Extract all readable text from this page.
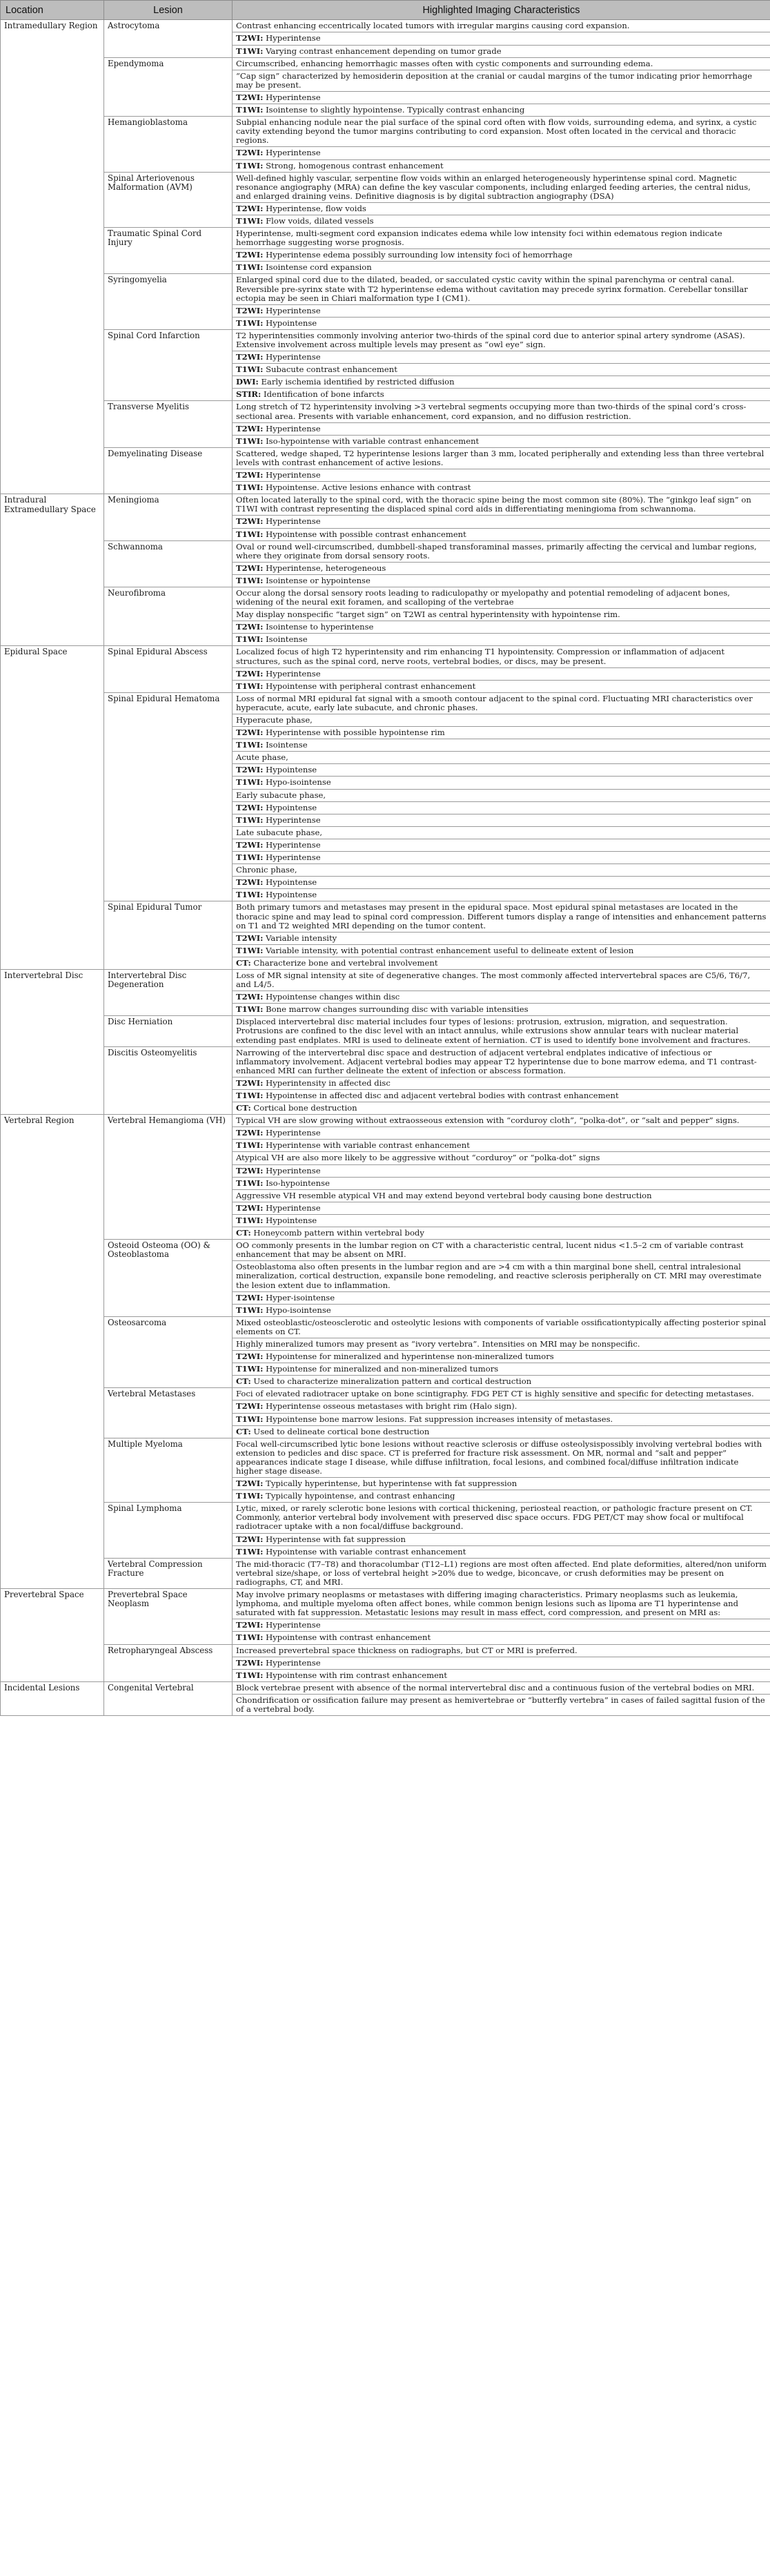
Location	Lesion	Highlighted Imaging Characteristics
Intramedullary Region	Astrocytoma	Contrast enhancing eccentrically located tumors with irregular margins causing cord expansion.
		T2WI: Hyperintense
		T1WI: Varying contrast enhancement depending on tumor grade
	Ependymoma	Circumscribed, enhancing hemorrhagic masses often with cystic components and surrounding edema.
		“Cap sign” characterized by hemosiderin deposition at the cranial or caudal margins of the tumor indicating prior hemorrhage may be present.
		T2WI: Hyperintense
		T1WI: Isointense to slightly hypointense. Typically contrast enhancing
	Hemangioblastoma	Subpial enhancing nodule near the pial surface of the spinal cord often with flow voids, surrounding edema, and syrinx, a cystic cavity extending beyond the tumor margins contributing to cord expansion. Most often located in the cervical and thoracic regions.
		T2WI: Hyperintense
		T1WI: Strong, homogenous contrast enhancement
	Spinal Arteriovenous Malformation (AVM)	Well-defined highly vascular, serpentine flow voids within an enlarged heterogeneously hyperintense spinal cord. Magnetic resonance angiography (MRA) can define the key vascular components, including enlarged feeding arteries, the central nidus, and enlarged draining veins. Definitive diagnosis is by digital subtraction angiography (DSA)
		T2WI: Hyperintense, flow voids
		T1WI: Flow voids, dilated vessels
	Traumatic Spinal Cord Injury	Hyperintense, multi-segment cord expansion indicates edema while low intensity foci within edematous region indicate hemorrhage suggesting worse prognosis.
		T2WI: Hyperintense edema possibly surrounding low intensity foci of hemorrhage
		T1WI: Isointense cord expansion
	Syringomyelia	Enlarged spinal cord due to the dilated, beaded, or sacculated cystic cavity within the spinal parenchyma or central canal. Reversible pre-syrinx state with T2 hyperintense edema without cavitation may precede syrinx formation. Cerebellar tonsillar ectopia may be seen in Chiari malformation type I (CM1).
		T2WI: Hyperintense
		T1WI: Hypointense
	Spinal Cord Infarction	T2 hyperintensities commonly involving anterior two-thirds of the spinal cord due to anterior spinal artery syndrome (ASAS). Extensive involvement across multiple levels may present as “owl eye” sign.
		T2WI: Hyperintense
		T1WI: Subacute contrast enhancement
		DWI: Early ischemia identified by restricted diffusion
		STIR: Identification of bone infarcts
	Transverse Myelitis	Long stretch of T2 hyperintensity involving >3 vertebral segments occupying more than two-thirds of the spinal cord’s cross-sectional area. Presents with variable enhancement, cord expansion, and no diffusion restriction.
		T2WI: Hyperintense
		T1WI: Iso-hypointense with variable contrast enhancement
	Demyelinating Disease	Scattered, wedge shaped, T2 hyperintense lesions larger than 3 mm, located peripherally and extending less than three vertebral levels with contrast enhancement of active lesions.
		T2WI: Hyperintense
		T1WI: Hypointense. Active lesions enhance with contrast
Intradural Extramedullary Space	Meningioma	Often located laterally to the spinal cord, with the thoracic spine being the most common site (80%). The “ginkgo leaf sign” on T1WI with contrast representing the displaced spinal cord aids in differentiating meningioma from schwannoma.
		T2WI: Hyperintense
		T1WI: Hypointense with possible contrast enhancement
	Schwannoma	Oval or round well-circumscribed, dumbbell-shaped transforaminal masses, primarily affecting the cervical and lumbar regions, where they originate from dorsal sensory roots.
		T2WI: Hyperintense, heterogeneous
		T1WI: Isointense or hypointense
	Neurofibroma	Occur along the dorsal sensory roots leading to radiculopathy or myelopathy and potential remodeling of adjacent bones, widening of the neural exit foramen, and scalloping of the vertebrae
		May display nonspecific “target sign” on T2WI as central hyperintensity with hypointense rim.
		T2WI: Isointense to hyperintense
		T1WI: Isointense
Epidural Space	Spinal Epidural Abscess	Localized focus of high T2 hyperintensity and rim enhancing T1 hypointensity. Compression or inflammation of adjacent structures, such as the spinal cord, nerve roots, vertebral bodies, or discs, may be present.
		T2WI: Hyperintense
		T1WI: Hypointense with peripheral contrast enhancement
	Spinal Epidural Hematoma	Loss of normal MRI epidural fat signal with a smooth contour adjacent to the spinal cord. Fluctuating MRI characteristics over hyperacute, acute, early late subacute, and chronic phases.
		Hyperacute phase,
		T2WI: Hyperintense with possible hypointense rim
		T1WI: Isointense
		Acute phase,
		T2WI: Hypointense
		T1WI: Hypo-isointense
		Early subacute phase,
		T2WI: Hypointense
		T1WI: Hyperintense
		Late subacute phase,
		T2WI: Hyperintense
		T1WI: Hyperintense
		Chronic phase,
		T2WI: Hypointense
		T1WI: Hypointense
	Spinal Epidural Tumor	Both primary tumors and metastases may present in the epidural space. Most epidural spinal metastases are located in the thoracic spine and may lead to spinal cord compression. Different tumors display a range of intensities and enhancement patterns on T1 and T2 weighted MRI depending on the tumor content.
		T2WI: Variable intensity
		T1WI: Variable intensity, with potential contrast enhancement useful to delineate extent of lesion
		CT: Characterize bone and vertebral involvement
Intervertebral Disc	Intervertebral Disc Degeneration	Loss of MR signal intensity at site of degenerative changes. The most commonly affected intervertebral spaces are C5/6, T6/7, and L4/5.
		T2WI: Hypointense changes within disc
		T1WI: Bone marrow changes surrounding disc with variable intensities
	Disc Herniation	Displaced intervertebral disc material includes four types of lesions: protrusion, extrusion, migration, and sequestration. Protrusions are confined to the disc level with an intact annulus, while extrusions show annular tears with nuclear material extending past endplates. MRI is used to delineate extent of herniation. CT is used to identify bone involvement and fractures.
	Discitis Osteomyelitis	Narrowing of the intervertebral disc space and destruction of adjacent vertebral endplates indicative of infectious or inflammatory involvement. Adjacent vertebral bodies may appear T2 hyperintense due to bone marrow edema, and T1 contrast-enhanced MRI can further delineate the extent of infection or abscess formation.
		T2WI: Hyperintensity in affected disc
		T1WI: Hypointense in affected disc and adjacent vertebral bodies with contrast enhancement
		CT: Cortical bone destruction
Vertebral Region	Vertebral Hemangioma (VH)	Typical VH are slow growing without extraosseous extension with “corduroy cloth”, “polka-dot”, or “salt and pepper” signs.
		T2WI: Hyperintense
		T1WI: Hyperintense with variable contrast enhancement
		Atypical VH are also more likely to be aggressive without “corduroy” or “polka-dot” signs
		T2WI: Hyperintense
		T1WI: Iso-hypointense
		Aggressive VH resemble atypical VH and may extend beyond vertebral body causing bone destruction
		T2WI: Hyperintense
		T1WI: Hypointense
		CT: Honeycomb pattern within vertebral body
	Osteoid Osteoma (OO) & Osteoblastoma	OO commonly presents in the lumbar region on CT with a characteristic central, lucent nidus <1.5–2 cm of variable contrast enhancement that may be absent on MRI.
		Osteoblastoma also often presents in the lumbar region and are >4 cm with a thin marginal bone shell, central intralesional mineralization, cortical destruction, expansile bone remodeling, and reactive sclerosis peripherally on CT. MRI may overestimate the lesion extent due to inflammation.
		T2WI: Hyper-isointense
		T1WI: Hypo-isointense
	Osteosarcoma	Mixed osteoblastic/osteosclerotic and osteolytic lesions with components of variable ossificationtypically affecting posterior spinal elements on CT.
		Highly mineralized tumors may present as “ivory vertebra”. Intensities on MRI may be nonspecific.
		T2WI: Hypointense for mineralized and hyperintense non-mineralized tumors
		T1WI: Hypointense for mineralized and non-mineralized tumors
		CT: Used to characterize mineralization pattern and cortical destruction
	Vertebral Metastases	Foci of elevated radiotracer uptake on bone scintigraphy. FDG PET CT is highly sensitive and specific for detecting metastases.
		T2WI: Hyperintense osseous metastases with bright rim (Halo sign).
		T1WI: Hypointense bone marrow lesions. Fat suppression increases intensity of metastases.
		CT: Used to delineate cortical bone destruction
	Multiple Myeloma	Focal well-circumscribed lytic bone lesions without reactive sclerosis or diffuse osteolysispossibly involving vertebral bodies with extension to pedicles and disc space. CT is preferred for fracture risk assessment. On MR, normal and “salt and pepper” appearances indicate stage I disease, while diffuse infiltration, focal lesions, and combined focal/diffuse infiltration indicate higher stage disease.
		T2WI: Typically hyperintense, but hyperintense with fat suppression
		T1WI: Typically hypointense, and contrast enhancing
	Spinal Lymphoma	Lytic, mixed, or rarely sclerotic bone lesions with cortical thickening, periosteal reaction, or pathologic fracture present on CT. Commonly, anterior vertebral body involvement with preserved disc space occurs. FDG PET/CT may show focal or multifocal radiotracer uptake with a non focal/diffuse background.
		T2WI: Hyperintense with fat suppression
		T1WI: Hypointense with variable contrast enhancement
	Vertebral Compression Fracture	The mid-thoracic (T7–T8) and thoracolumbar (T12–L1) regions are most often affected. End plate deformities, altered/non uniform vertebral size/shape, or loss of vertebral height >20% due to wedge, biconcave, or crush deformities may be present on radiographs, CT, and MRI.
Prevertebral Space	Prevertebral Space Neoplasm	May involve primary neoplasms or metastases with differing imaging characteristics. Primary neoplasms such as leukemia, lymphoma, and multiple myeloma often affect bones, while common benign lesions such as lipoma are T1 hyperintense and saturated with fat suppression. Metastatic lesions may result in mass effect, cord compression, and present on MRI as:
		T2WI: Hyperintense
		T1WI: Hypointense with contrast enhancement
	Retropharyngeal Abscess	Increased prevertebral space thickness on radiographs, but CT or MRI is preferred.
		T2WI: Hyperintense
		T1WI: Hypointense with rim contrast enhancement
Incidental Lesions	Congenital Vertebral	Block vertebrae present with absence of the normal intervertebral disc and a continuous fusion of the vertebral bodies on MRI.
		Chondrification or ossification failure may present as hemivertebrae or “butterfly vertebra” in cases of failed sagittal fusion of the of a vertebral body.
